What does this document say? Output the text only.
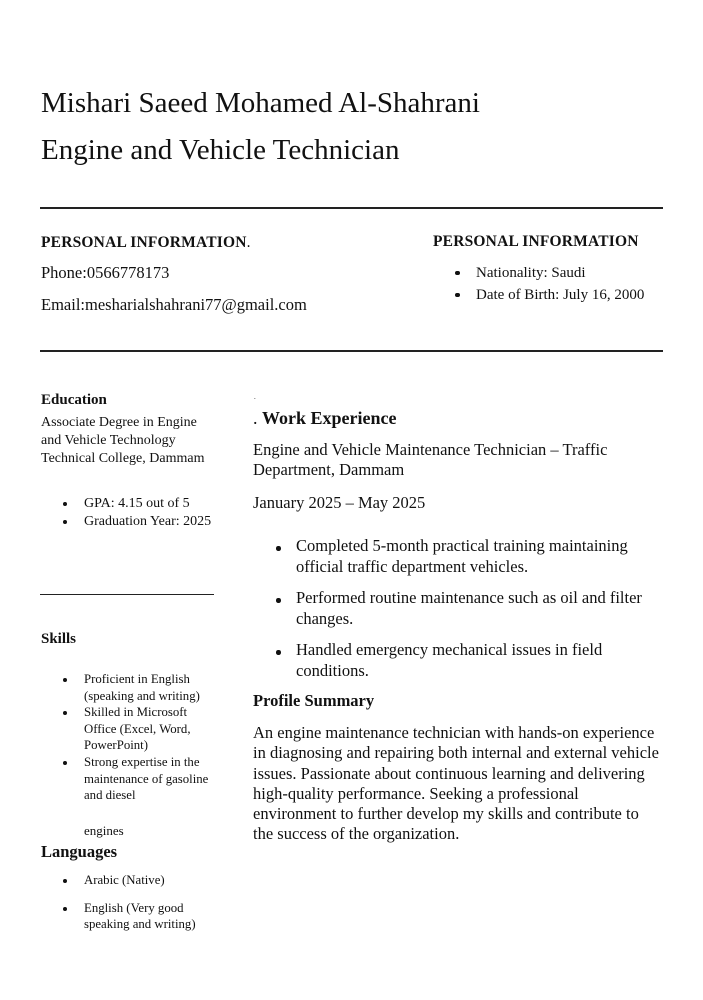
Mishari Saeed Mohamed Al-Shahrani
Engine and Vehicle Technician
PERSONAL INFORMATION.
Phone:0566778173
Email:mesharialshahrani77@gmail.com
PERSONAL INFORMATION
Nationality: Saudi
Date of Birth: July 16, 2000
Education
Associate Degree in Engine and Vehicle Technology Technical College, Dammam
GPA: 4.15 out of 5
Graduation Year: 2025
Skills
Proficient in English (speaking and writing)
Skilled in Microsoft Office (Excel, Word, PowerPoint)
Strong expertise in the maintenance of gasoline and diesel
engines
Languages
Arabic (Native)
English (Very good speaking and writing)
.
. Work Experience
Engine and Vehicle Maintenance Technician – Traffic Department, Dammam
January 2025 – May 2025
Completed 5-month practical training maintaining official traffic department vehicles.
Performed routine maintenance such as oil and filter changes.
Handled emergency mechanical issues in field conditions.
Profile Summary
An engine maintenance technician with hands-on experience in diagnosing and repairing both internal and external vehicle issues. Passionate about continuous learning and delivering high-quality performance. Seeking a professional environment to further develop my skills and contribute to the success of the organization.
